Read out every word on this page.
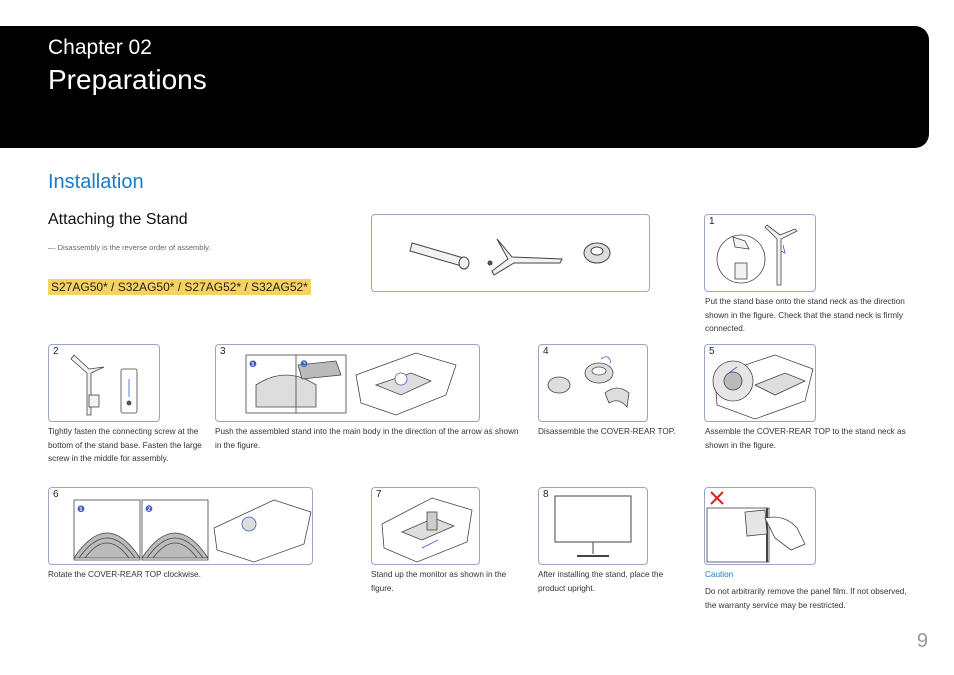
Chapter 02
Preparations
Installation
Attaching the Stand
― Disassembly is the reverse order of assembly.
S27AG50* / S32AG50* / S27AG52* / S32AG52*
1
Put the stand base onto the stand neck as the direction shown in the figure. Check that the stand neck is firmly connected.
2
Tightly fasten the connecting screw at the bottom of the stand base. Fasten the large screw in the middle for assembly.
3
❶	❷
Push the assembled stand into the main body in the direction of the arrow as shown in the figure.
4
Disassemble the COVER-REAR TOP.
5
Assemble the COVER-REAR TOP to the stand neck as shown in the figure.
6
❶	❷
Rotate the COVER-REAR TOP clockwise.
7
Stand up the monitor as shown in the figure.
8
After installing the stand, place the product upright.
Caution
Do not arbitrarily remove the panel film. If not observed, the warranty service may be restricted.
9
